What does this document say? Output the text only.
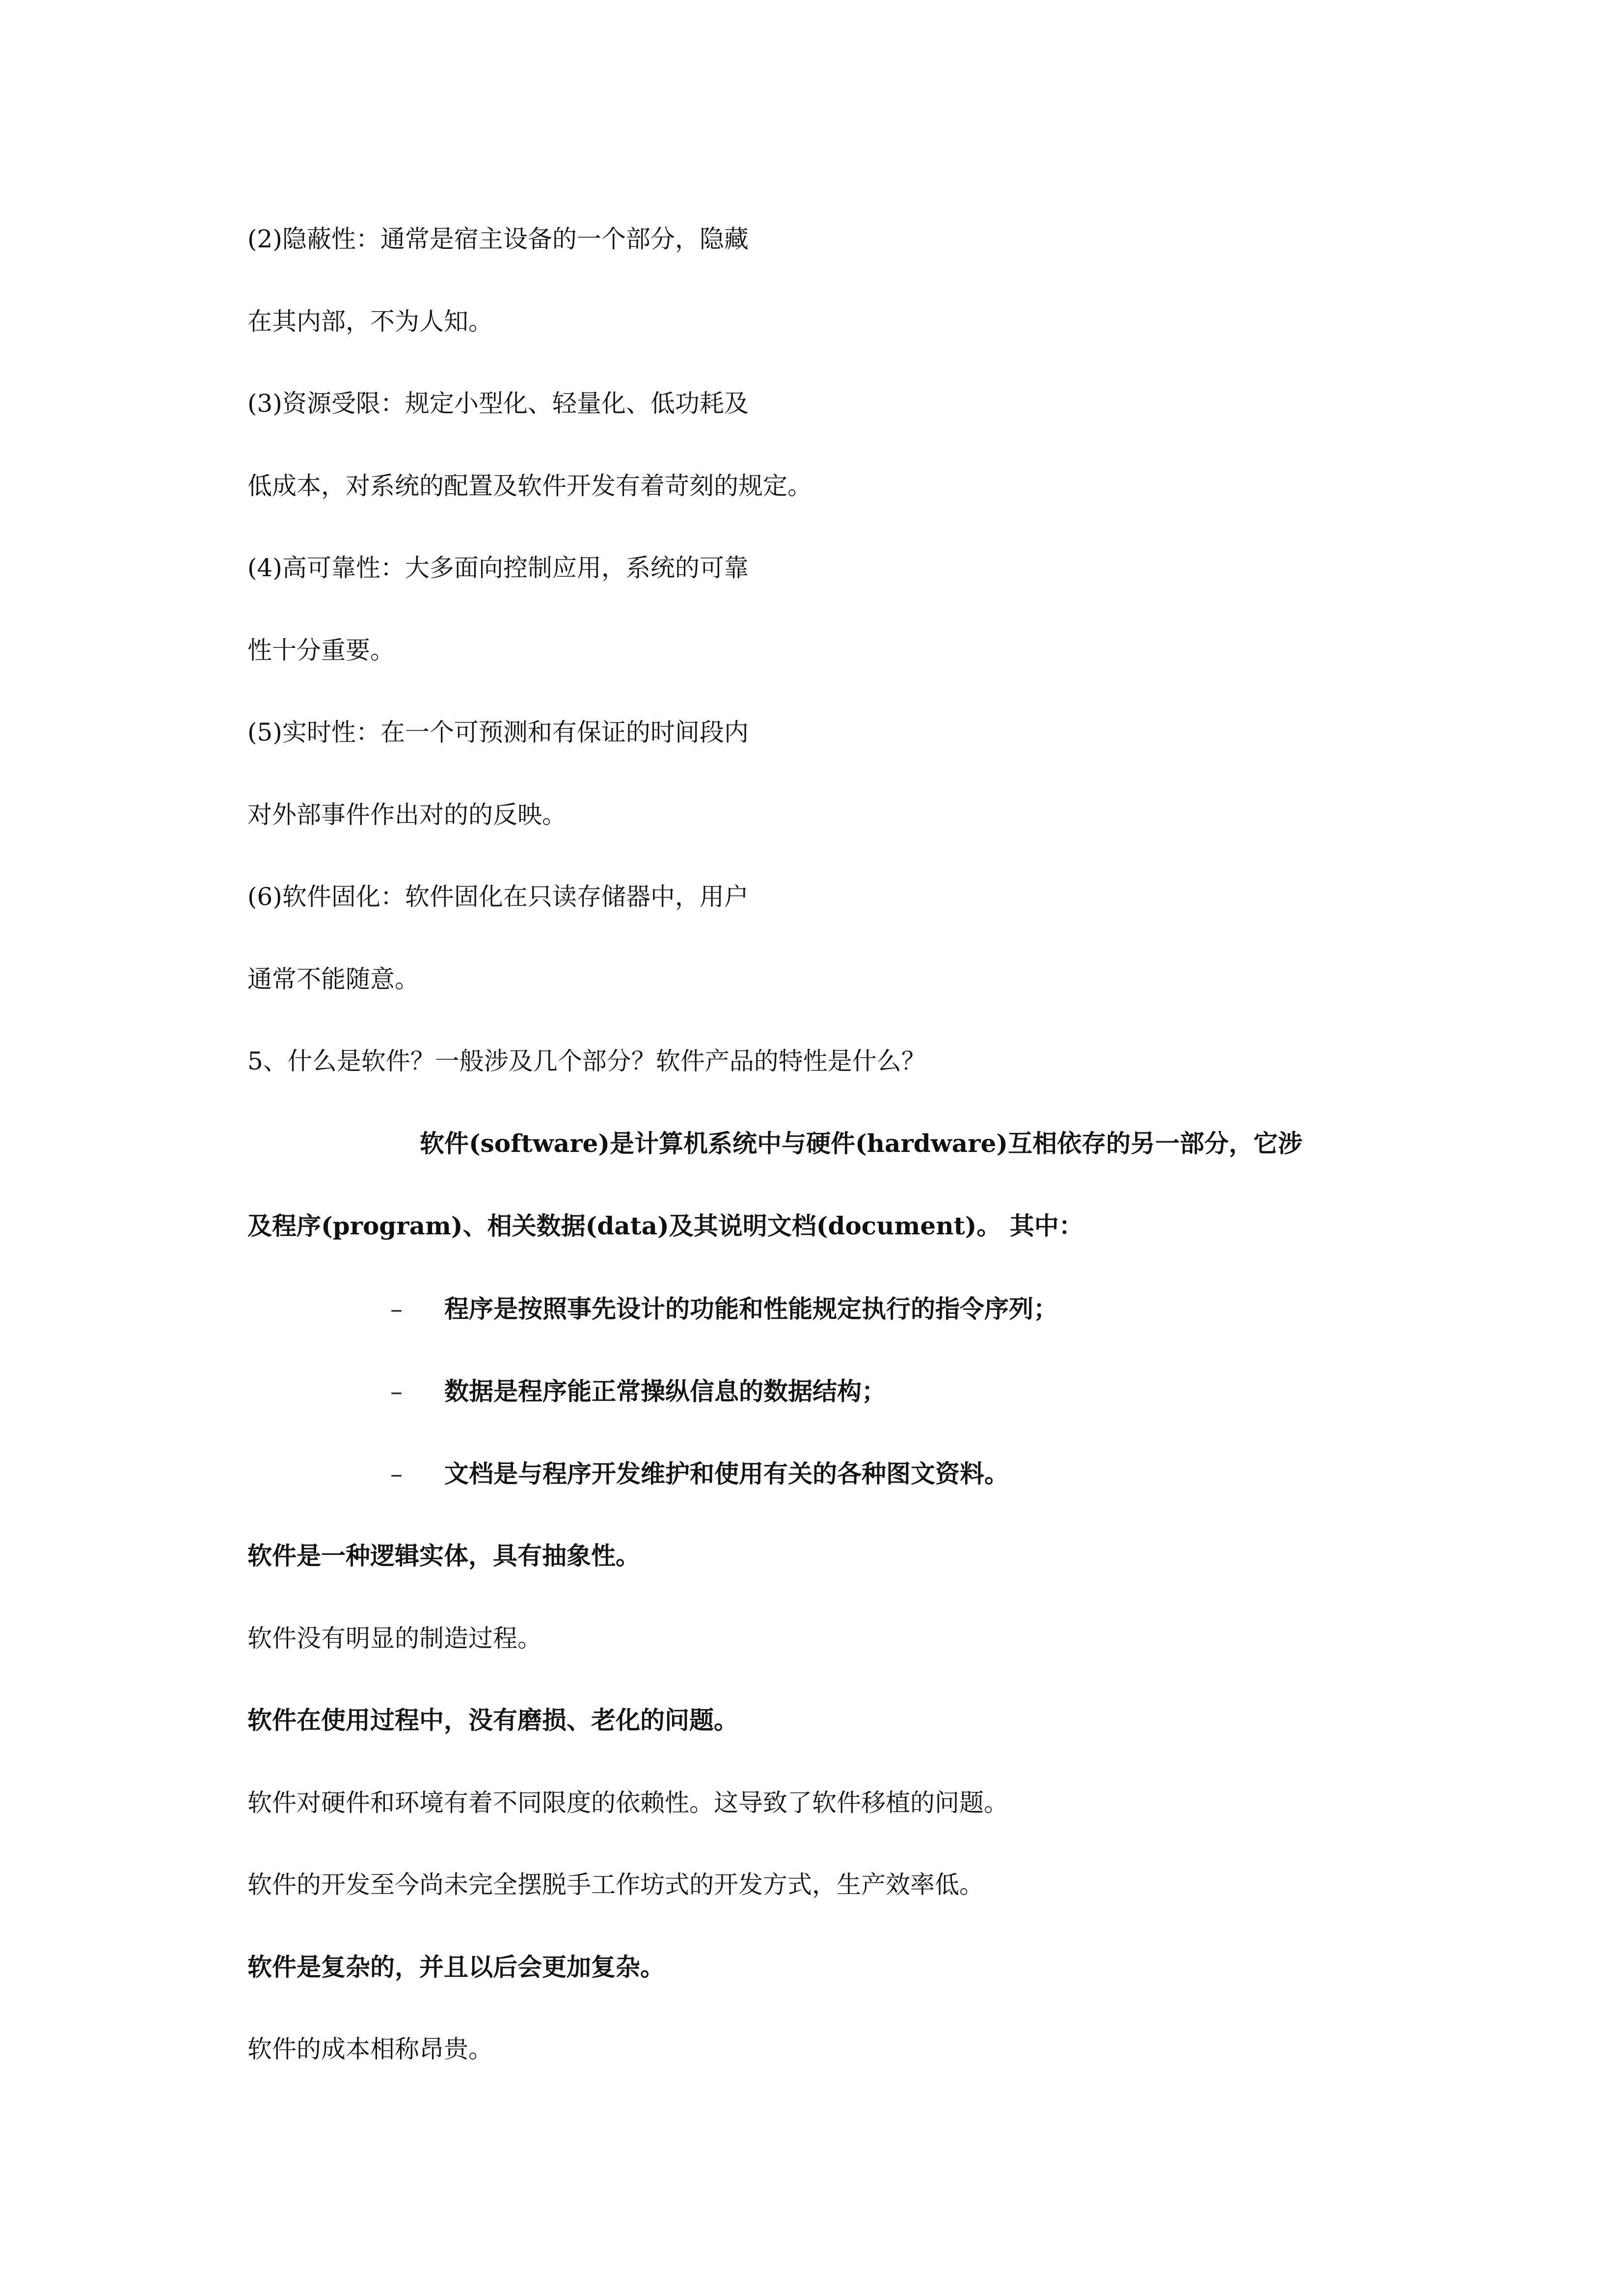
(2)隐蔽性：通常是宿主设备的一个部分，隐藏
在其内部，不为人知。
(3)资源受限：规定小型化、轻量化、低功耗及
低成本，对系统的配置及软件开发有着苛刻的规定。
(4)高可靠性：大多面向控制应用，系统的可靠
性十分重要。
(5)实时性：在一个可预测和有保证的时间段内
对外部事件作出对的的反映。
(6)软件固化：软件固化在只读存储器中，用户
通常不能随意。
5、什么是软件？一般涉及几个部分？软件产品的特性是什么？
软件(software)是计算机系统中与硬件(hardware)互相依存的另一部分，它涉
及程序(program)、相关数据(data)及其说明文档(document)。 其中：
– 程序是按照事先设计的功能和性能规定执行的指令序列；
– 数据是程序能正常操纵信息的数据结构；
– 文档是与程序开发维护和使用有关的各种图文资料。
软件是一种逻辑实体，具有抽象性。
软件没有明显的制造过程。
软件在使用过程中，没有磨损、老化的问题。
软件对硬件和环境有着不同限度的依赖性。这导致了软件移植的问题。
软件的开发至今尚未完全摆脱手工作坊式的开发方式，生产效率低。
软件是复杂的，并且以后会更加复杂。
软件的成本相称昂贵。
